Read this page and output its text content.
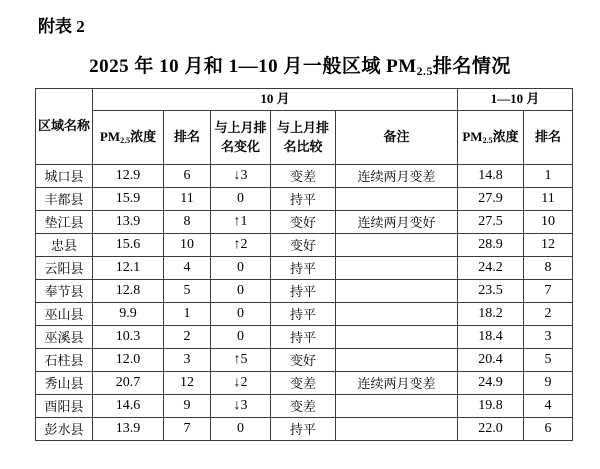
附表 2
2025 年 10 月和 1—10 月一般区域 $PM_{2.5}$排名情况
区域名称	10 月					1—10 月	
	$PM_{2.5}$浓度	排名	与上月排名变化	与上月排名比较	备注	$PM_{2.5}$浓度	排名
城口县	12.9	6	↓3	变差	连续两月变差	14.8	1
丰都县	15.9	11	0	持平		27.9	11
垫江县	13.9	8	↑1	变好	连续两月变好	27.5	10
忠县	15.6	10	↑2	变好		28.9	12
云阳县	12.1	4	0	持平		24.2	8
奉节县	12.8	5	0	持平		23.5	7
巫山县	9.9	1	0	持平		18.2	2
巫溪县	10.3	2	0	持平		18.4	3
石柱县	12.0	3	↑5	变好		20.4	5
秀山县	20.7	12	↓2	变差	连续两月变差	24.9	9
酉阳县	14.6	9	↓3	变差		19.8	4
彭水县	13.9	7	0	持平		22.0	6
